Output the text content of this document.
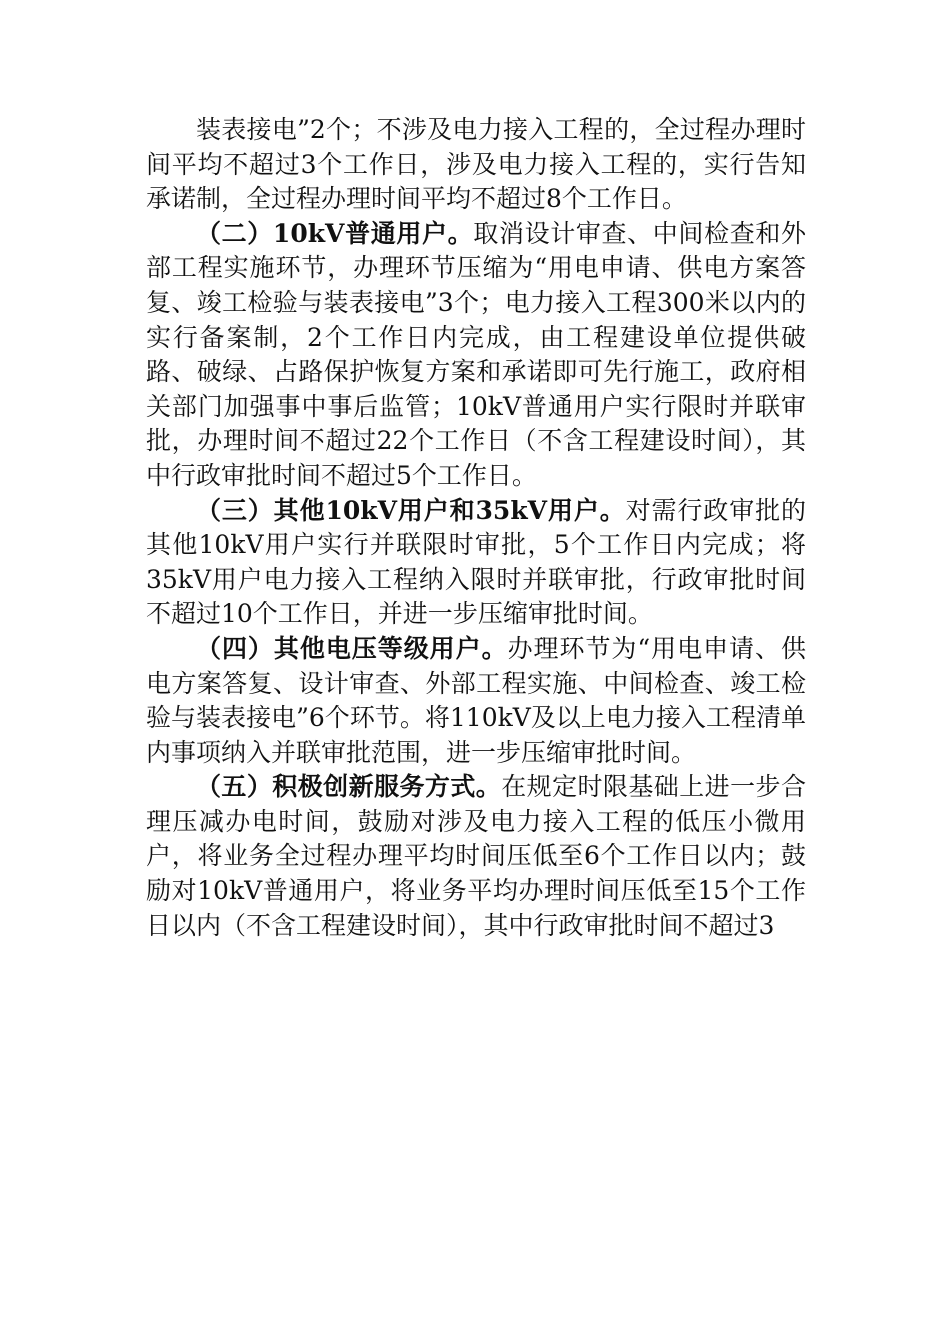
装表接电”2个；不涉及电力接入工程的，全过程办理时间平均不超过3个工作日，涉及电力接入工程的，实行告知承诺制，全过程办理时间平均不超过8个工作日。

（二）10kV普通用户。取消设计审查、中间检查和外部工程实施环节，办理环节压缩为“用电申请、供电方案答复、竣工检验与装表接电”3个；电力接入工程300米以内的实行备案制，2个工作日内完成，由工程建设单位提供破路、破绿、占路保护恢复方案和承诺即可先行施工，政府相关部门加强事中事后监管；10kV普通用户实行限时并联审批，办理时间不超过22个工作日（不含工程建设时间），其中行政审批时间不超过5个工作日。

（三）其他10kV用户和35kV用户。对需行政审批的其他10kV用户实行并联限时审批，5个工作日内完成；将35kV用户电力接入工程纳入限时并联审批，行政审批时间不超过10个工作日，并进一步压缩审批时间。

（四）其他电压等级用户。办理环节为“用电申请、供电方案答复、设计审查、外部工程实施、中间检查、竣工检验与装表接电”6个环节。将110kV及以上电力接入工程清单内事项纳入并联审批范围，进一步压缩审批时间。

（五）积极创新服务方式。在规定时限基础上进一步合理压减办电时间，鼓励对涉及电力接入工程的低压小微用户，将业务全过程办理平均时间压低至6个工作日以内；鼓励对10kV普通用户，将业务平均办理时间压低至15个工作日以内（不含工程建设时间），其中行政审批时间不超过3
